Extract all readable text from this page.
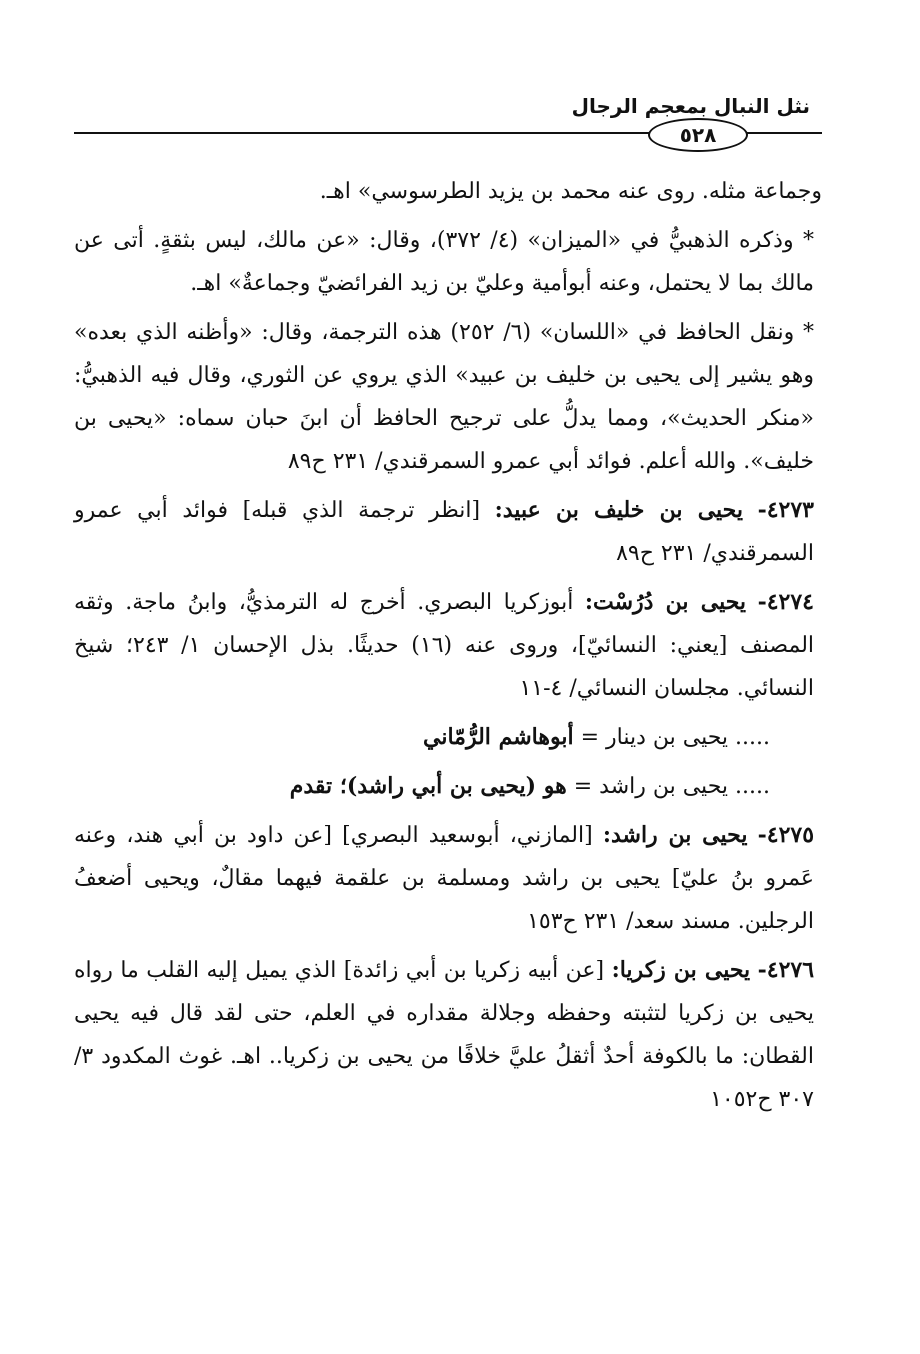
نثل النبال بمعجم الرجال
٥٢٨

وجماعة مثله. روى عنه محمد بن يزيد الطرسوسي» اهـ.

* وذكره الذهبيُّ في «الميزان» (٤/ ٣٧٢)، وقال: «عن مالك، ليس بثقةٍ. أتى عن مالك بما لا يحتمل، وعنه أبوأمية وعليّ بن زيد الفرائضيّ وجماعةٌ» اهـ.

* ونقل الحافظ في «اللسان» (٦/ ٢٥٢) هذه الترجمة، وقال: «وأظنه الذي بعده» وهو يشير إلى يحيى بن خليف بن عبيد» الذي يروي عن الثوري، وقال فيه الذهبيُّ: «منكر الحديث»، ومما يدلُّ على ترجيح الحافظ أن ابنَ حبان سماه: «يحيى بن خليف». والله أعلم. فوائد أبي عمرو السمرقندي/ ٢٣١ ح٨٩

٤٢٧٣- يحيى بن خليف بن عبيد: [انظر ترجمة الذي قبله] فوائد أبي عمرو السمرقندي/ ٢٣١ ح٨٩

٤٢٧٤- يحيى بن دُرُسْت: أبوزكريا البصري. أخرج له الترمذيُّ، وابنُ ماجة. وثقه المصنف [يعني: النسائيّ]، وروى عنه (١٦) حديثًا. بذل الإحسان ١/ ٢٤٣؛ شيخ النسائي. مجلسان النسائي/ ٤-١١

..... يحيى بن دينار = أبوهاشم الرُّمّاني

..... يحيى بن راشد = هو (يحيى بن أبي راشد)؛ تقدم

٤٢٧٥- يحيى بن راشد: [المازني، أبوسعيد البصري] [عن داود بن أبي هند، وعنه عَمرو بنُ عليّ] يحيى بن راشد ومسلمة بن علقمة فيهما مقالٌ، ويحيى أضعفُ الرجلين. مسند سعد/ ٢٣١ ح١٥٣

٤٢٧٦- يحيى بن زكريا: [عن أبيه زكريا بن أبي زائدة] الذي يميل إليه القلب ما رواه يحيى بن زكريا لتثبته وحفظه وجلالة مقداره في العلم، حتى لقد قال فيه يحيى القطان: ما بالكوفة أحدٌ أثقلُ عليَّ خلافًا من يحيى بن زكريا.. اهـ. غوث المكدود ٣/ ٣٠٧ ح١٠٥٢
